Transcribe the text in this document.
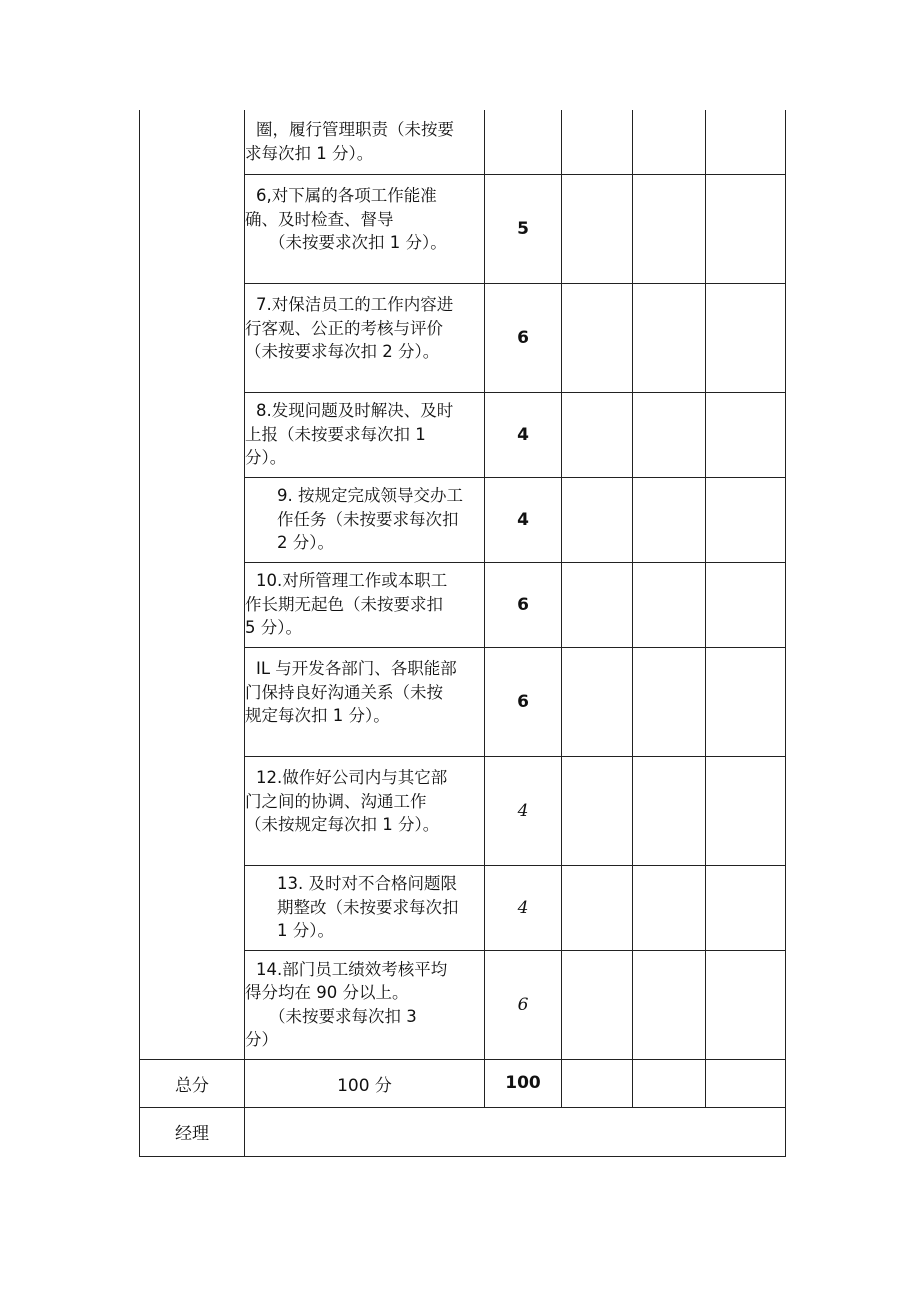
	圈，履行管理职责（未按要
求每次扣 1 分）。				

	6,对下属的各项工作能准
确、及时检查、督导
（未按要求次扣 1 分）。	5			

	7.对保洁员工的工作内容进
行客观、公正的考核与评价
（未按要求每次扣 2 分）。	6			

	8.发现问题及时解决、及时
上报（未按要求每次扣 1
分）。	4			

	9. 按规定完成领导交办工
作任务（未按要求每次扣
2 分）。	4			

	10.对所管理工作或本职工
作长期无起色（未按要求扣
5 分）。	6			

	IL 与开发各部门、各职能部
门保持良好沟通关系（未按
规定每次扣 1 分）。	6			

	12.做作好公司内与其它部
门之间的协调、沟通工作
（未按规定每次扣 1 分）。	4			

	13. 及时对不合格问题限
期整改（未按要求每次扣
1 分）。	4			

	14.部门员工绩效考核平均
得分均在 90 分以上。
（未按要求每次扣 3
分）	6			
总分	100 分	100			
经理					
